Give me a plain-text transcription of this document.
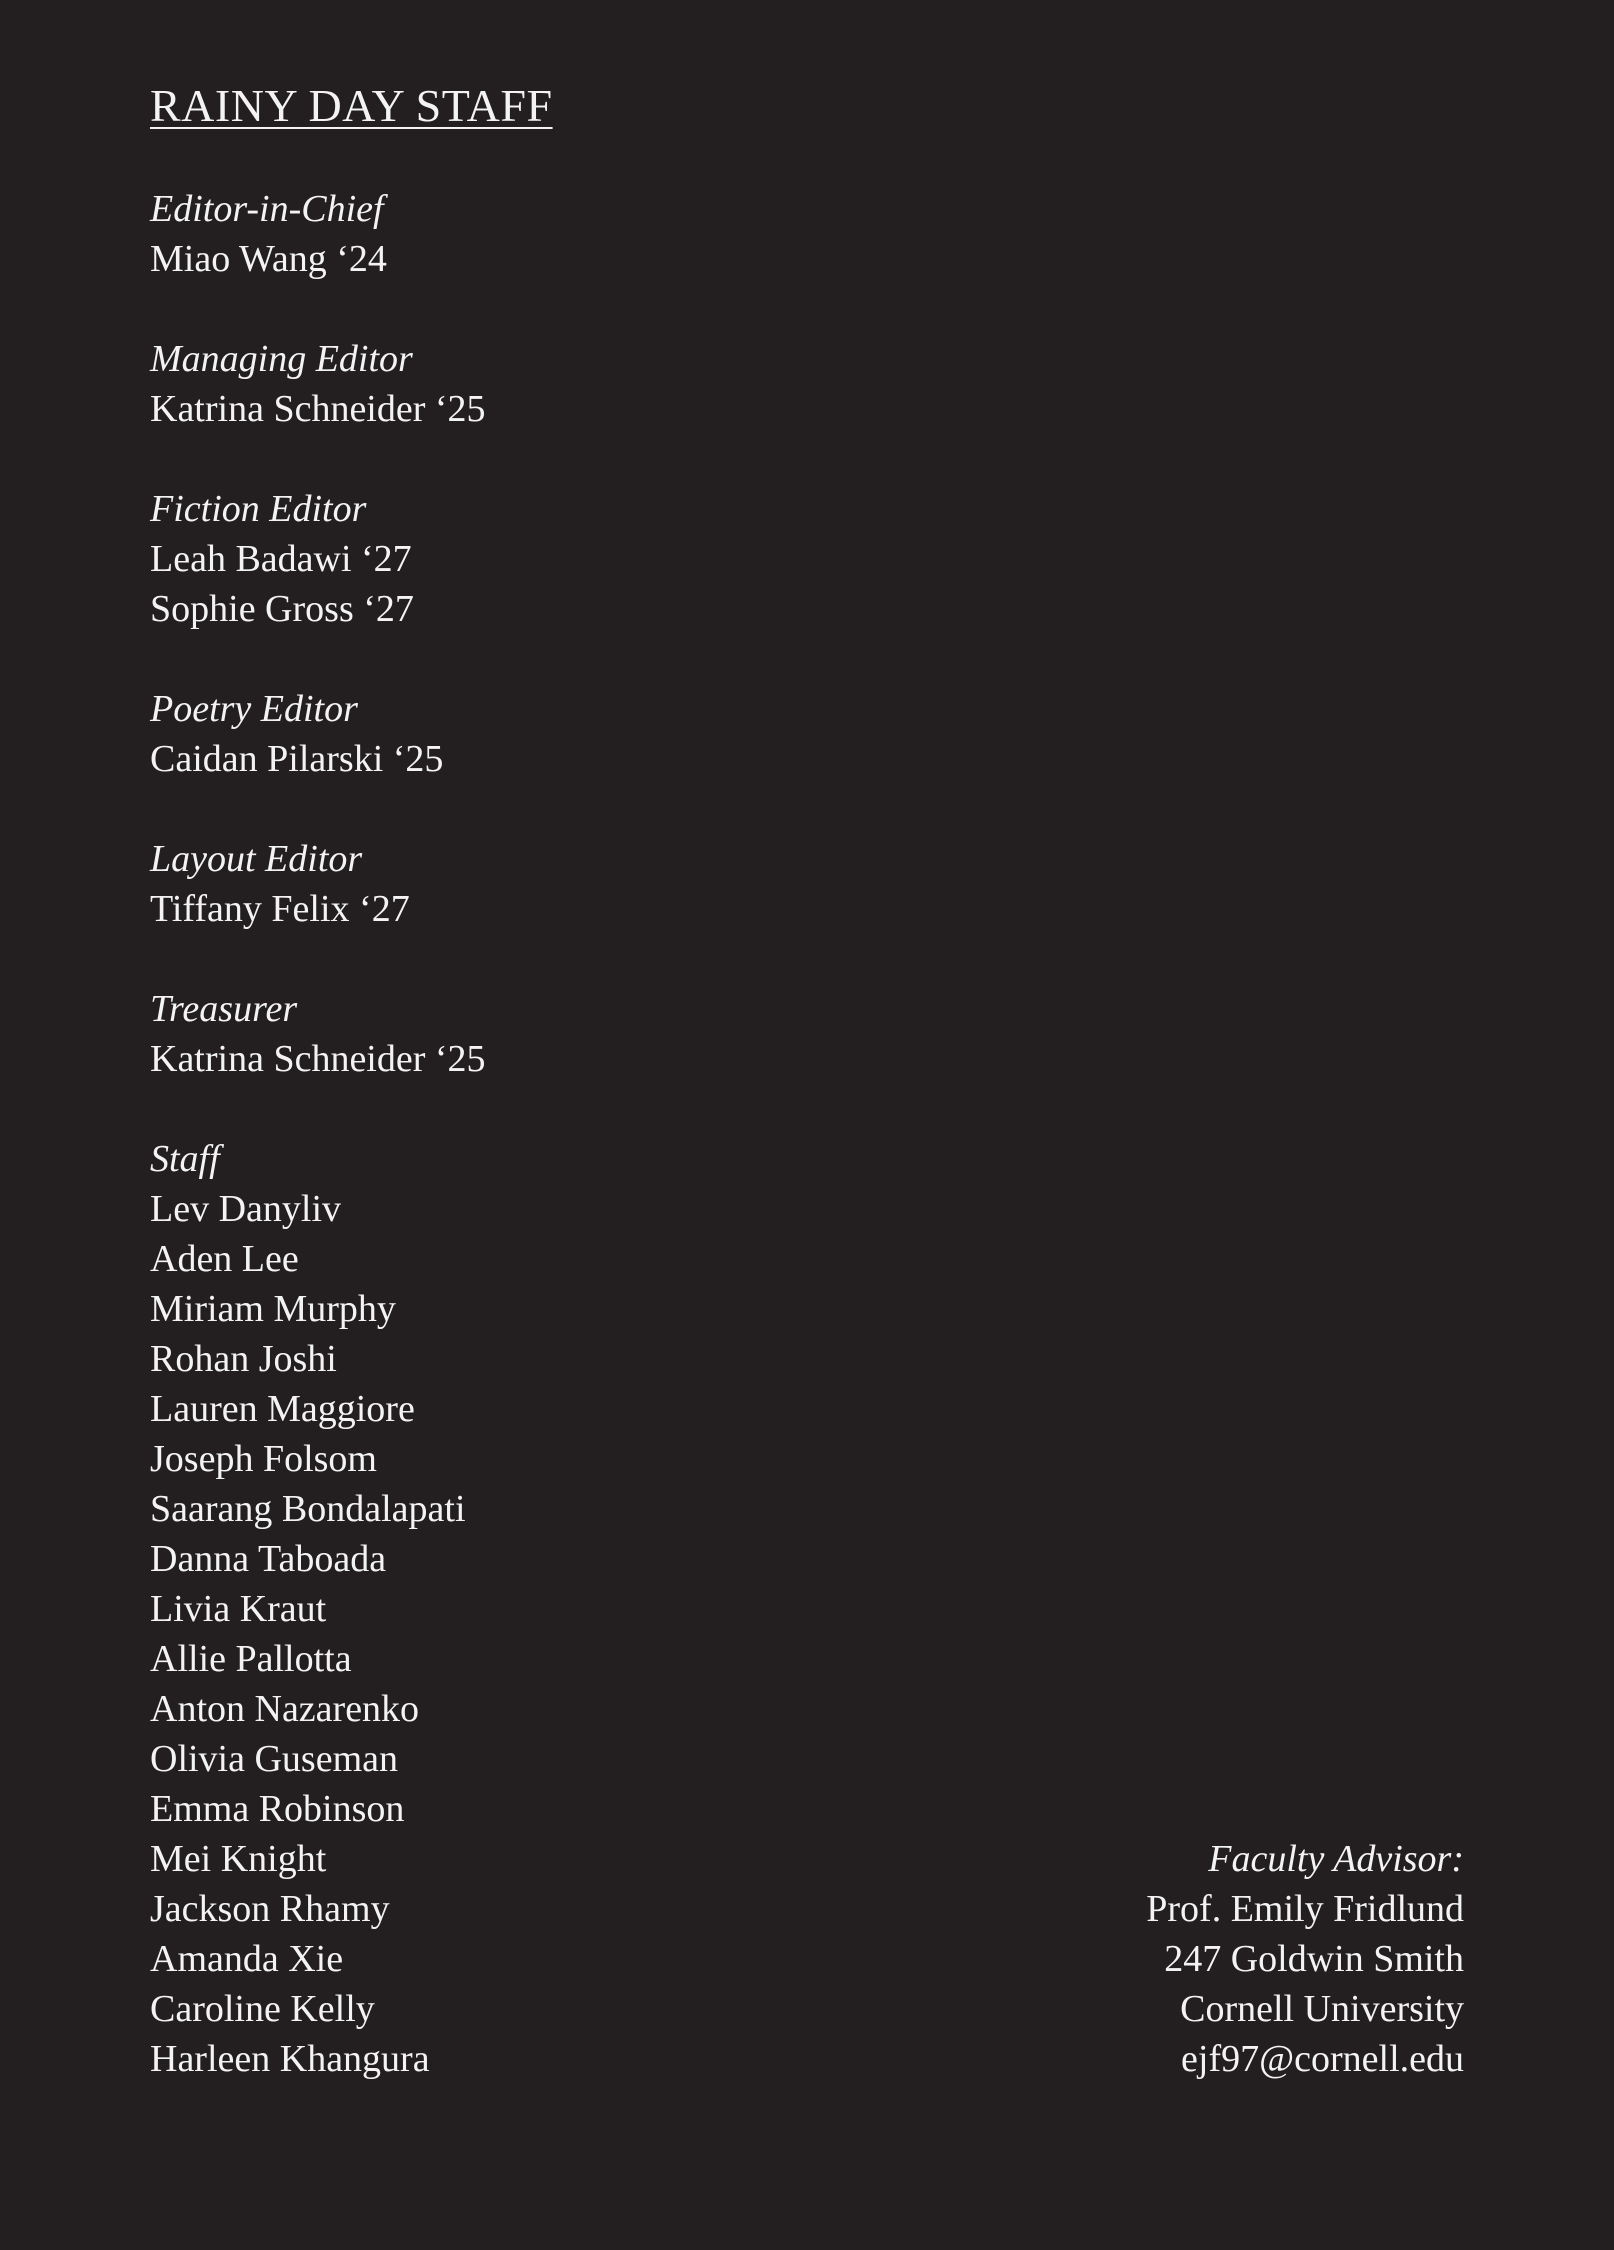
RAINY DAY STAFF
Editor-in-Chief
Miao Wang ‘24
Managing Editor
Katrina Schneider ‘25
Fiction Editor
Leah Badawi ‘27
Sophie Gross ‘27
Poetry Editor
Caidan Pilarski ‘25
Layout Editor
Tiffany Felix ‘27
Treasurer
Katrina Schneider ‘25
Staff
Lev Danyliv
Aden Lee
Miriam Murphy
Rohan Joshi
Lauren Maggiore
Joseph Folsom
Saarang Bondalapati
Danna Taboada
Livia Kraut
Allie Pallotta
Anton Nazarenko
Olivia Guseman
Emma Robinson
Mei Knight
Jackson Rhamy
Amanda Xie
Caroline Kelly
Harleen Khangura
Faculty Advisor:
Prof. Emily Fridlund
247 Goldwin Smith
Cornell University
ejf97@cornell.edu
